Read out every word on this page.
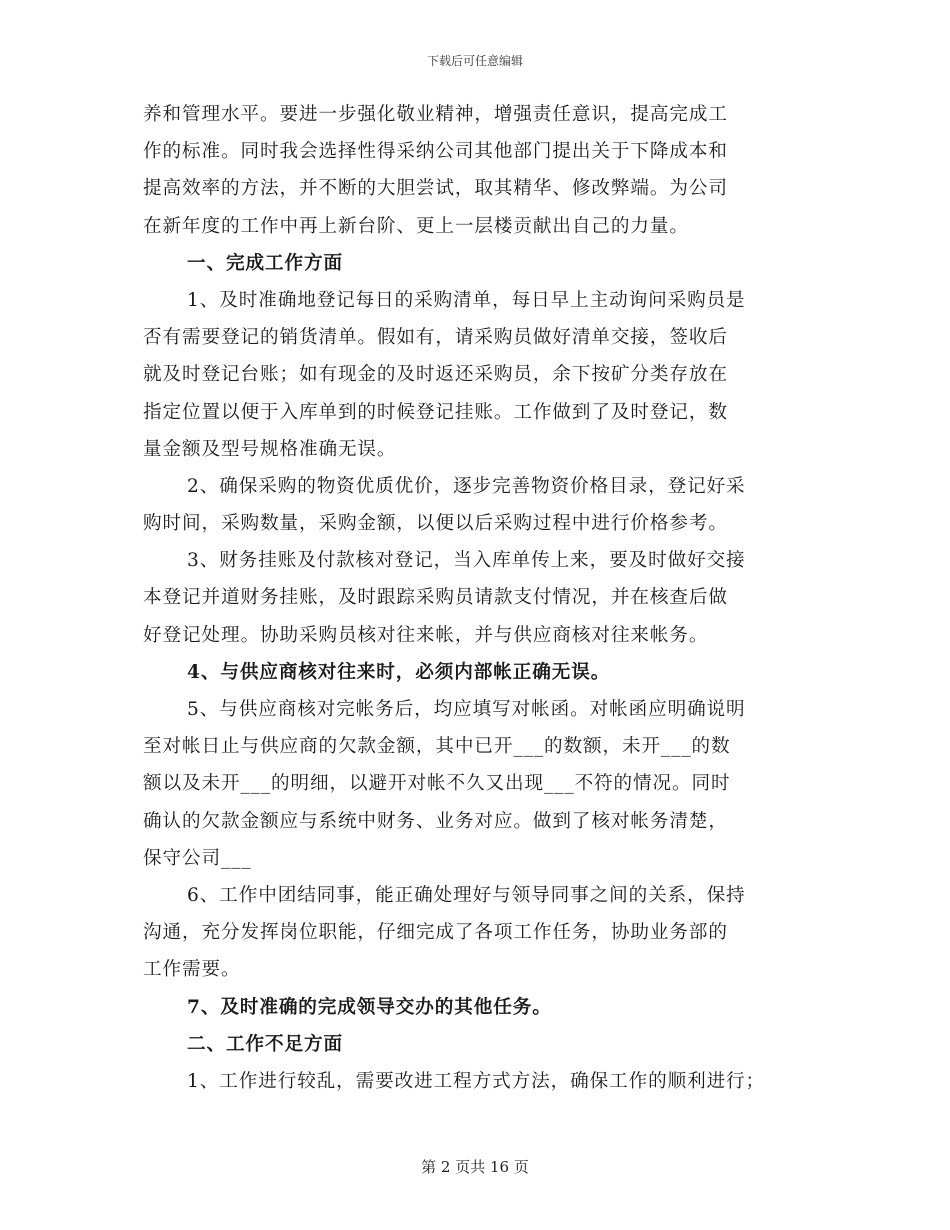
下载后可任意编辑
养和管理水平。要进一步强化敬业精神，增强责任意识，提高完成工
作的标准。同时我会选择性得采纳公司其他部门提出关于下降成本和
提高效率的方法，并不断的大胆尝试，取其精华、修改弊端。为公司
在新年度的工作中再上新台阶、更上一层楼贡献出自己的力量。
一、完成工作方面
1、及时准确地登记每日的采购清单，每日早上主动询问采购员是
否有需要登记的销货清单。假如有，请采购员做好清单交接，签收后
就及时登记台账；如有现金的及时返还采购员，余下按矿分类存放在
指定位置以便于入库单到的时候登记挂账。工作做到了及时登记，数
量金额及型号规格准确无误。
2、确保采购的物资优质优价，逐步完善物资价格目录，登记好采
购时间，采购数量，采购金额，以便以后采购过程中进行价格参考。
3、财务挂账及付款核对登记，当入库单传上来，要及时做好交接
本登记并道财务挂账，及时跟踪采购员请款支付情况，并在核查后做
好登记处理。协助采购员核对往来帐，并与供应商核对往来帐务。
4、与供应商核对往来时，必须内部帐正确无误。
5、与供应商核对完帐务后，均应填写对帐函。对帐函应明确说明
至对帐日止与供应商的欠款金额，其中已开___的数额，未开___的数
额以及未开___的明细，以避开对帐不久又出现___不符的情况。同时
确认的欠款金额应与系统中财务、业务对应。做到了核对帐务清楚，
保守公司___
6、工作中团结同事，能正确处理好与领导同事之间的关系，保持
沟通，充分发挥岗位职能，仔细完成了各项工作任务，协助业务部的
工作需要。
7、及时准确的完成领导交办的其他任务。
二、工作不足方面
1、工作进行较乱，需要改进工程方式方法，确保工作的顺利进行；
第 2 页共 16 页
